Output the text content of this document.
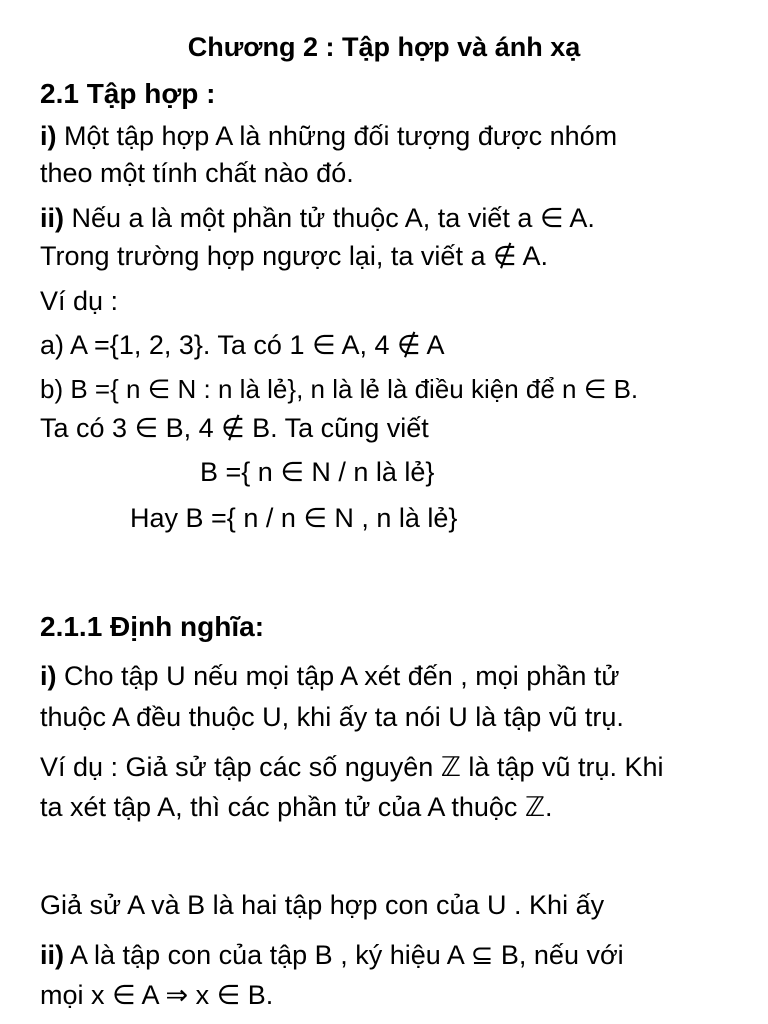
Chương 2 : Tập hợp và ánh xạ
2.1 Tập hợp :
i) Một tập hợp A là những đối tượng được nhóm
theo một tính chất nào đó.
ii) Nếu a là một phần tử thuộc A, ta viết a ∈ A.
Trong trường hợp ngược lại, ta viết a ∉ A.
Ví dụ :
a) A ={1, 2, 3}. Ta có 1 ∈ A, 4 ∉ A
b) B ={ n ∈ N : n là lẻ}, n là lẻ là điều kiện để n ∈ B.
Ta có 3 ∈ B, 4 ∉ B. Ta cũng viết
B ={ n ∈ N / n là lẻ}
Hay B ={ n / n ∈ N , n là lẻ}
2.1.1 Định nghĩa:
i) Cho tập U nếu mọi tập A xét đến , mọi phần tử
thuộc A đều thuộc U, khi ấy ta nói U là tập vũ trụ.
Ví dụ : Giả sử tập các số nguyên ℤ là tập vũ trụ. Khi
ta xét tập A, thì các phần tử của A thuộc ℤ.
Giả sử A và B là hai tập hợp con của U . Khi ấy
ii) A là tập con của tập B , ký hiệu A ⊆ B, nếu với
mọi x ∈ A ⇒ x ∈ B.
